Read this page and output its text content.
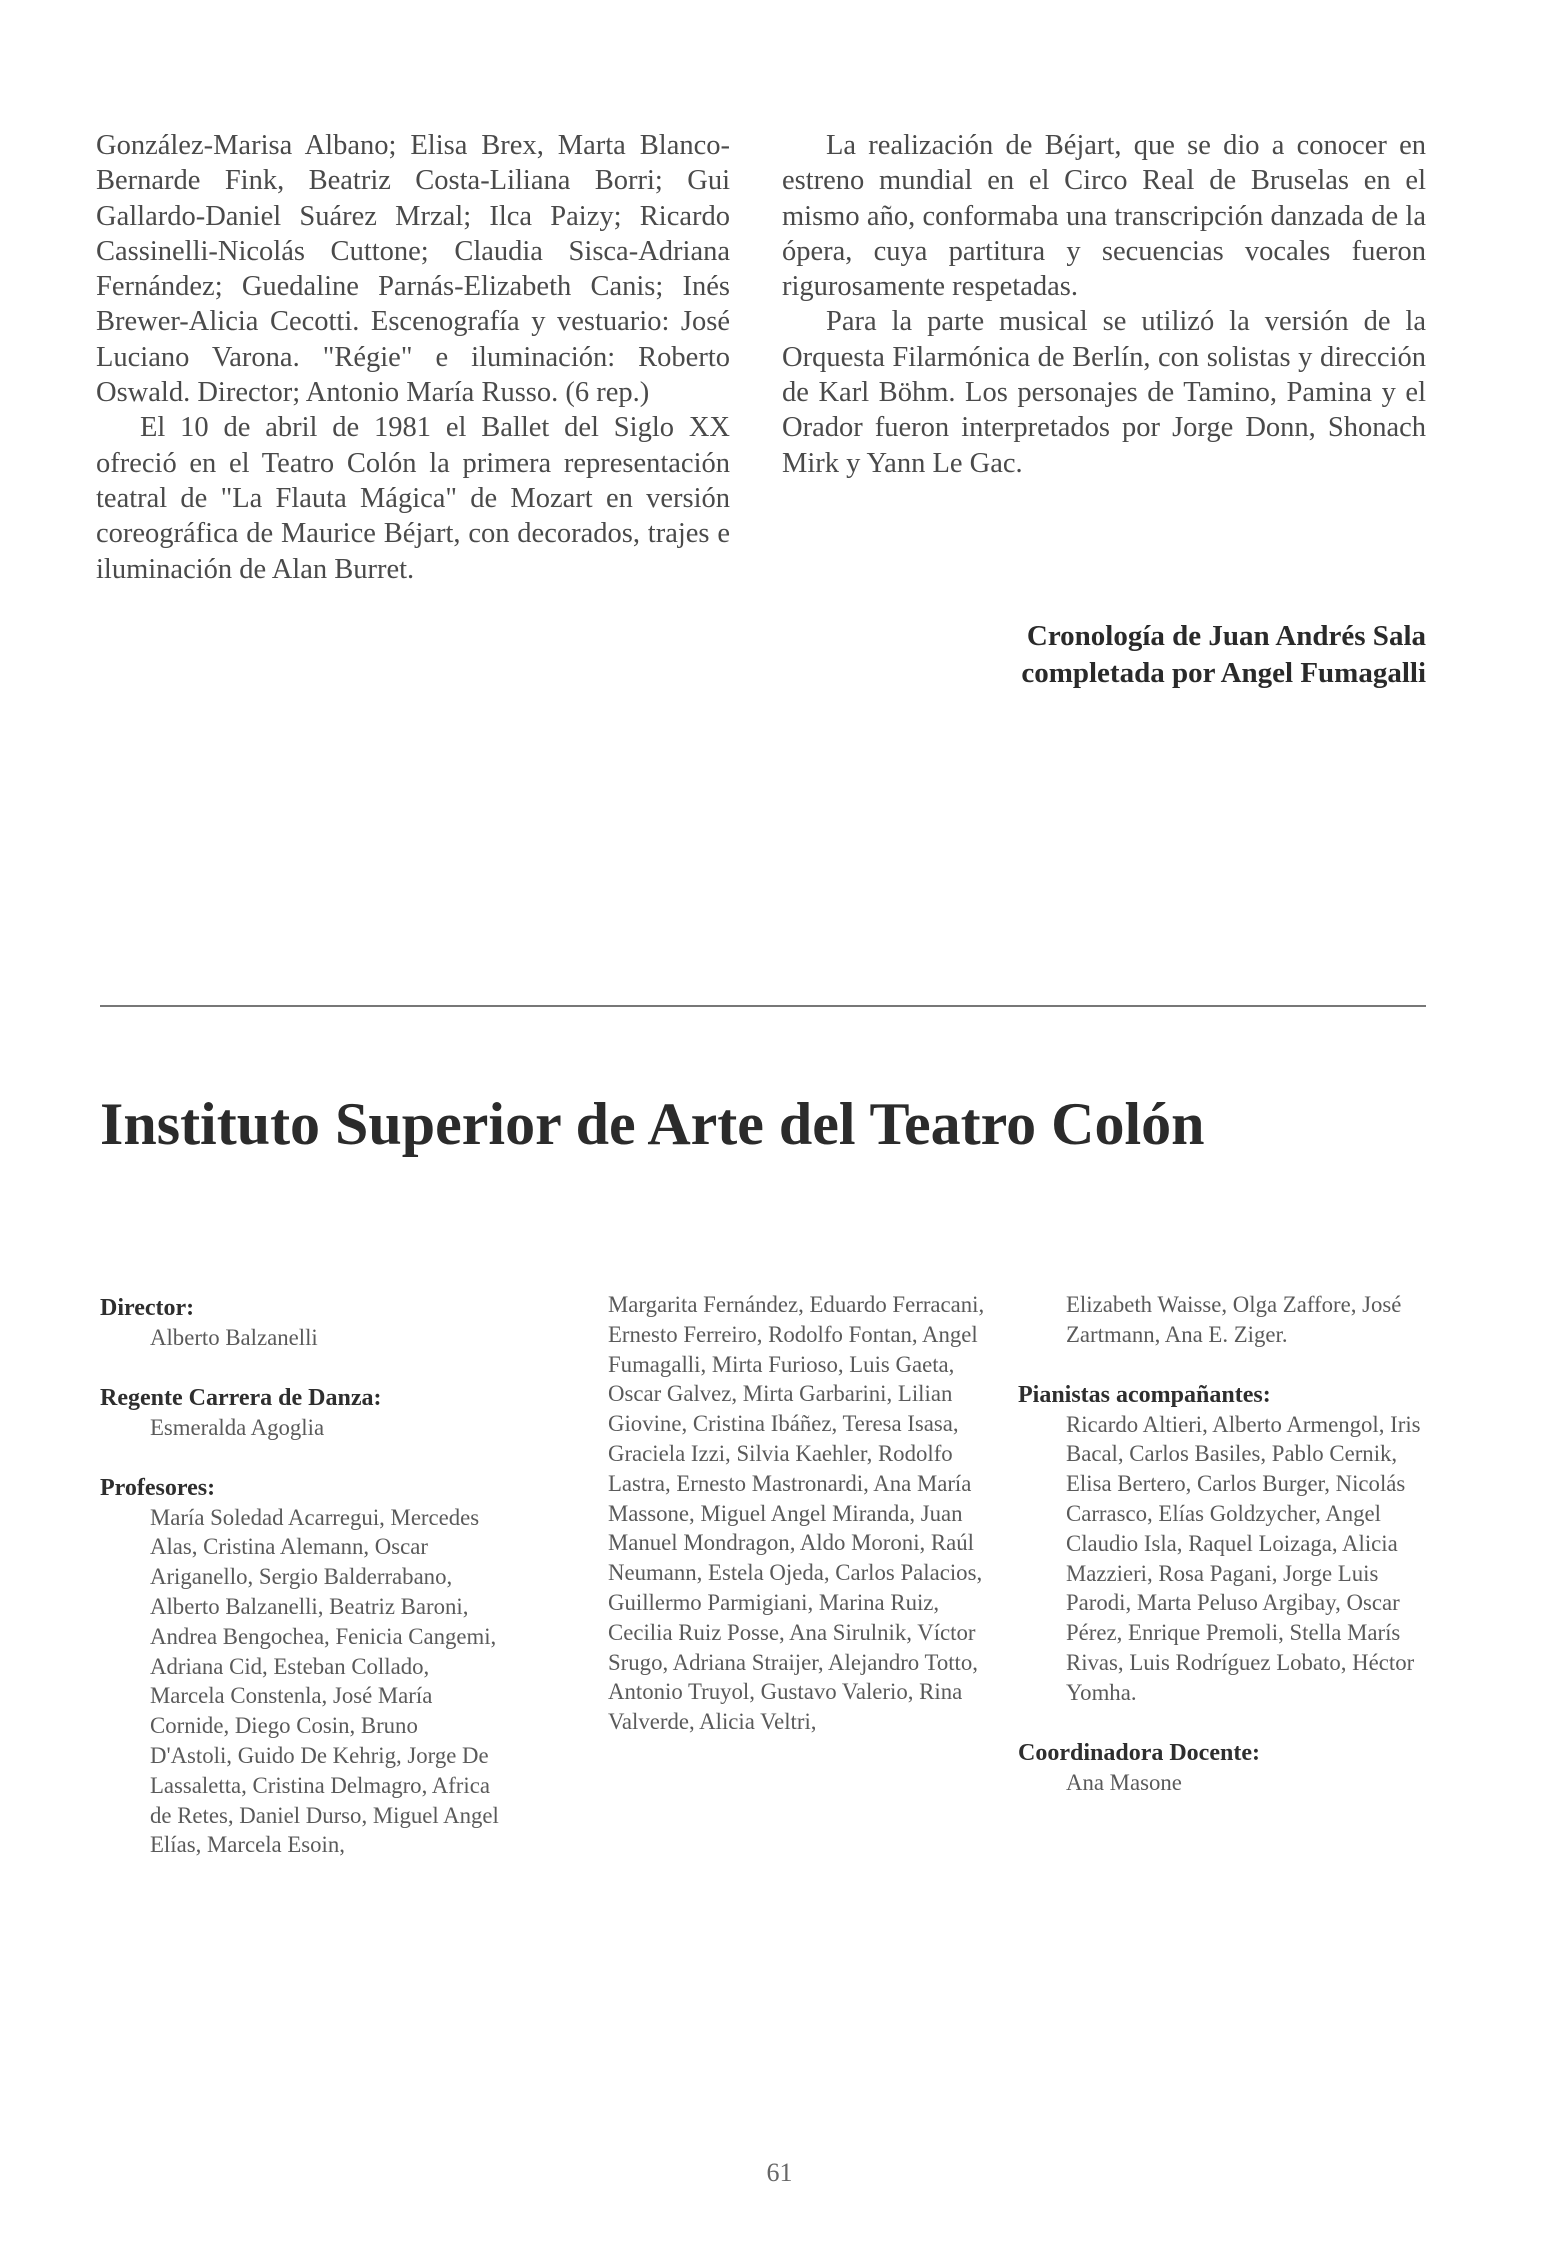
González-Marisa Albano; Elisa Brex, Marta Blanco-Bernarde Fink, Beatriz Costa-Liliana Borri; Gui Gallardo-Daniel Suárez Mrzal; Ilca Paizy; Ricardo Cassinelli-Nicolás Cuttone; Claudia Sisca-Adriana Fernández; Guedaline Parnás-Elizabeth Canis; Inés Brewer-Alicia Cecotti. Escenografía y vestuario: José Luciano Varona. "Régie" e iluminación: Roberto Oswald. Director; Antonio María Russo. (6 rep.)

El 10 de abril de 1981 el Ballet del Siglo XX ofreció en el Teatro Colón la primera representación teatral de "La Flauta Mágica" de Mozart en versión coreográfica de Maurice Béjart, con decorados, trajes e iluminación de Alan Burret.

La realización de Béjart, que se dio a conocer en estreno mundial en el Circo Real de Bruselas en el mismo año, conformaba una transcripción danzada de la ópera, cuya partitura y secuencias vocales fueron rigurosamente respetadas.

Para la parte musical se utilizó la versión de la Orquesta Filarmónica de Berlín, con solistas y dirección de Karl Böhm. Los personajes de Tamino, Pamina y el Orador fueron interpretados por Jorge Donn, Shonach Mirk y Yann Le Gac.

Cronología de Juan Andrés Sala
completada por Angel Fumagalli
Instituto Superior de Arte del Teatro Colón
Director:
Alberto Balzanelli
Regente Carrera de Danza:
Esmeralda Agoglia
Profesores:
María Soledad Acarregui, Mercedes Alas, Cristina Alemann, Oscar Ariganello, Sergio Balderrabano, Alberto Balzanelli, Beatriz Baroni, Andrea Bengochea, Fenicia Cangemi, Adriana Cid, Esteban Collado, Marcela Constenla, José María Cornide, Diego Cosin, Bruno D'Astoli, Guido De Kehrig, Jorge De Lassaletta, Cristina Delmagro, Africa de Retes, Daniel Durso, Miguel Angel Elías, Marcela Esoin,
Margarita Fernández, Eduardo Ferracani, Ernesto Ferreiro, Rodolfo Fontan, Angel Fumagalli, Mirta Furioso, Luis Gaeta, Oscar Galvez, Mirta Garbarini, Lilian Giovine, Cristina Ibáñez, Teresa Isasa, Graciela Izzi, Silvia Kaehler, Rodolfo Lastra, Ernesto Mastronardi, Ana María Massone, Miguel Angel Miranda, Juan Manuel Mondragon, Aldo Moroni, Raúl Neumann, Estela Ojeda, Carlos Palacios, Guillermo Parmigiani, Marina Ruiz, Cecilia Ruiz Posse, Ana Sirulnik, Víctor Srugo, Adriana Straijer, Alejandro Totto, Antonio Truyol, Gustavo Valerio, Rina Valverde, Alicia Veltri,
Elizabeth Waisse, Olga Zaffore, José Zartmann, Ana E. Ziger.
Pianistas acompañantes:
Ricardo Altieri, Alberto Armengol, Iris Bacal, Carlos Basiles, Pablo Cernik, Elisa Bertero, Carlos Burger, Nicolás Carrasco, Elías Goldzycher, Angel Claudio Isla, Raquel Loizaga, Alicia Mazzieri, Rosa Pagani, Jorge Luis Parodi, Marta Peluso Argibay, Oscar Pérez, Enrique Premoli, Stella Marís Rivas, Luis Rodríguez Lobato, Héctor Yomha.
Coordinadora Docente:
Ana Masone
61
